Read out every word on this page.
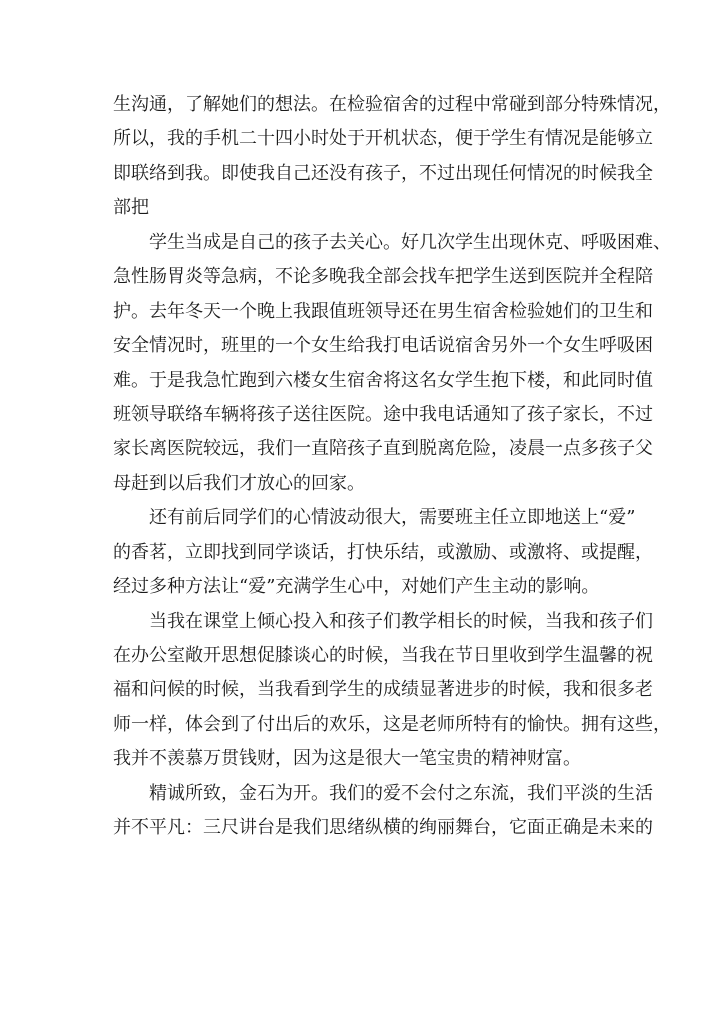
生沟通，了解她们的想法。在检验宿舍的过程中常碰到部分特殊情况，
所以，我的手机二十四小时处于开机状态，便于学生有情况是能够立
即联络到我。即使我自己还没有孩子，不过出现任何情况的时候我全
部把
学生当成是自己的孩子去关心。好几次学生出现休克、呼吸困难、
急性肠胃炎等急病，不论多晚我全部会找车把学生送到医院并全程陪
护。去年冬天一个晚上我跟值班领导还在男生宿舍检验她们的卫生和
安全情况时，班里的一个女生给我打电话说宿舍另外一个女生呼吸困
难。于是我急忙跑到六楼女生宿舍将这名女学生抱下楼，和此同时值
班领导联络车辆将孩子送往医院。途中我电话通知了孩子家长，不过
家长离医院较远，我们一直陪孩子直到脱离危险，凌晨一点多孩子父
母赶到以后我们才放心的回家。
还有前后同学们的心情波动很大，需要班主任立即地送上“爱”
的香茗，立即找到同学谈话，打快乐结，或激励、或激将、或提醒，
经过多种方法让“爱”充满学生心中，对她们产生主动的影响。
当我在课堂上倾心投入和孩子们教学相长的时候，当我和孩子们
在办公室敞开思想促膝谈心的时候，当我在节日里收到学生温馨的祝
福和问候的时候，当我看到学生的成绩显著进步的时候，我和很多老
师一样，体会到了付出后的欢乐，这是老师所特有的愉快。拥有这些，
我并不羡慕万贯钱财，因为这是很大一笔宝贵的精神财富。
精诚所致，金石为开。我们的爱不会付之东流，我们平淡的生活
并不平凡：三尺讲台是我们思绪纵横的绚丽舞台，它面正确是未来的
